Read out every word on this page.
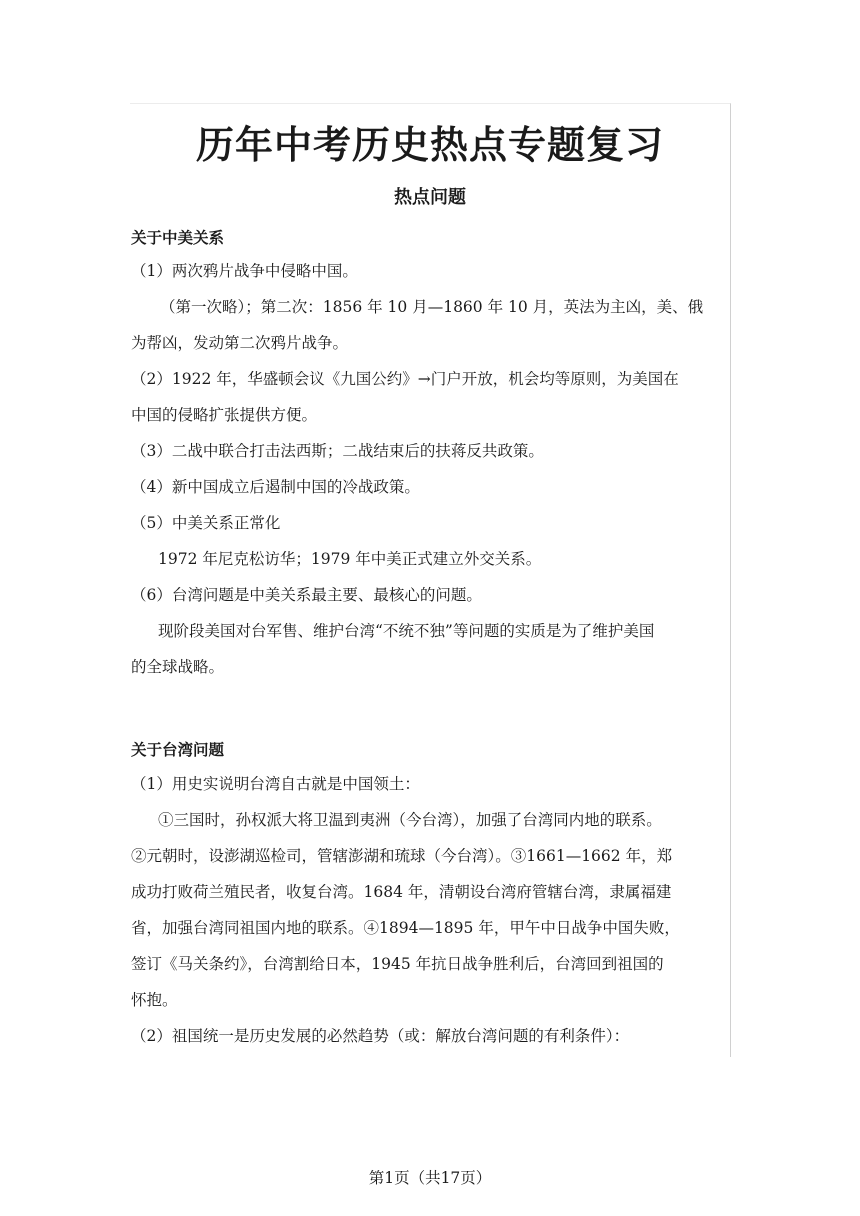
历年中考历史热点专题复习
热点问题
关于中美关系
（1）两次鸦片战争中侵略中国。
（第一次略）；第二次：1856 年 10 月—1860 年 10 月，英法为主凶，美、俄
为帮凶，发动第二次鸦片战争。
（2）1922 年，华盛顿会议《九国公约》→门户开放，机会均等原则，为美国在
中国的侵略扩张提供方便。
（3）二战中联合打击法西斯；二战结束后的扶蒋反共政策。
（4）新中国成立后遏制中国的冷战政策。
（5）中美关系正常化
1972 年尼克松访华；1979 年中美正式建立外交关系。
（6）台湾问题是中美关系最主要、最核心的问题。
现阶段美国对台军售、维护台湾“不统不独”等问题的实质是为了维护美国
的全球战略。
关于台湾问题
（1）用史实说明台湾自古就是中国领土：
①三国时，孙权派大将卫温到夷洲（今台湾），加强了台湾同内地的联系。
②元朝时，设澎湖巡检司，管辖澎湖和琉球（今台湾）。③1661—1662 年，郑
成功打败荷兰殖民者，收复台湾。1684 年，清朝设台湾府管辖台湾，隶属福建
省，加强台湾同祖国内地的联系。④1894—1895 年，甲午中日战争中国失败，
签订《马关条约》，台湾割给日本，1945 年抗日战争胜利后，台湾回到祖国的
怀抱。
（2）祖国统一是历史发展的必然趋势（或：解放台湾问题的有利条件）：
第1页（共17页）
